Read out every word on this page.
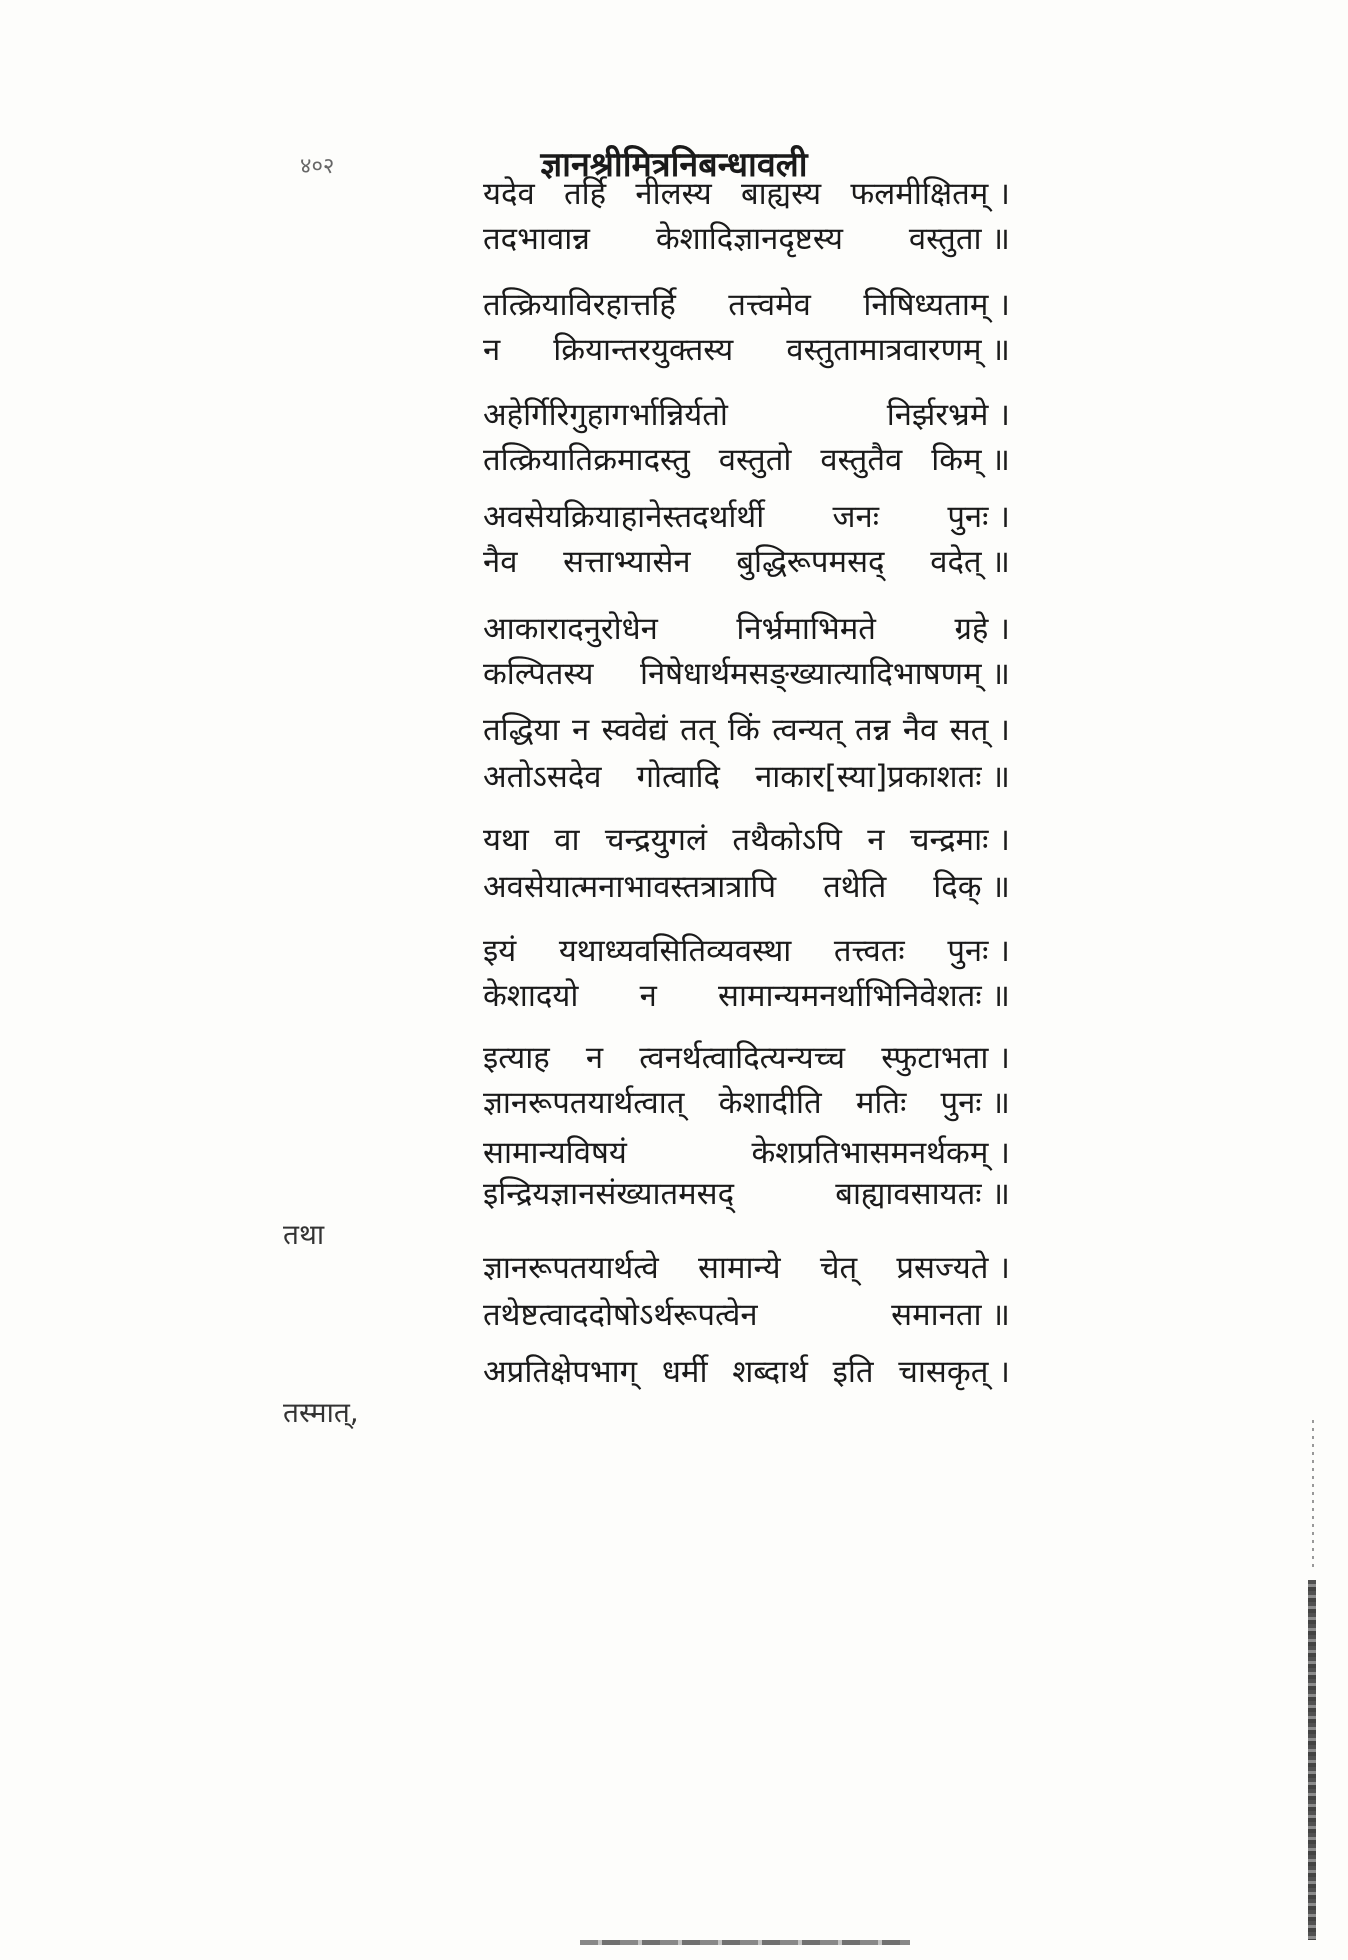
४०२	ज्ञानश्रीमित्रनिबन्धावली
यदेव तर्हि नीलस्य बाह्यस्य फलमीक्षितम् ।
तदभावान्न केशादिज्ञानदृष्टस्य वस्तुता ॥
तत्क्रियाविरहात्तर्हि तत्त्वमेव निषिध्यताम् ।
न क्रियान्तरयुक्तस्य वस्तुतामात्रवारणम् ॥
अहेर्गिरिगुहागर्भान्निर्यतो	निर्झरभ्रमे ।
तत्क्रियातिक्रमादस्तु वस्तुतो वस्तुतैव किम् ॥
अवसेयक्रियाहानेस्तदर्थार्थी जनः पुनः ।
नैव सत्ताभ्यासेन बुद्धिरूपमसद् वदेत् ॥
आकारादनुरोधेन	निर्भ्रमाभिमते	ग्रहे ।
कल्पितस्य निषेधार्थमसङ्ख्यात्यादिभाषणम् ॥
तद्धिया न स्ववेद्यं तत् किं त्वन्यत् तन्न नैव सत् ।
अतोऽसदेव गोत्वादि नाकार[स्या]प्रकाशतः ॥
यथा वा चन्द्रयुगलं तथैकोऽपि न चन्द्रमाः ।
अवसेयात्मनाभावस्तत्रात्रापि तथेति दिक् ॥
इयं यथाध्यवसितिव्यवस्था तत्त्वतः पुनः ।
केशादयो न सामान्यमनर्थाभिनिवेशतः ॥
इत्याह न त्वनर्थत्वादित्यन्यच्च स्फुटाभता ।
ज्ञानरूपतयार्थत्वात् केशादीति मतिः पुनः ॥
सामान्यविषयं	केशप्रतिभासमनर्थकम् ।
इन्द्रियज्ञानसंख्यातमसद्	बाह्यावसायतः ॥
ज्ञानरूपतयार्थत्वे सामान्ये चेत् प्रसज्यते ।
तथेष्टत्वाददोषोऽर्थरूपत्वेन	समानता ॥
अप्रतिक्षेपभाग् धर्मी शब्दार्थ इति चासकृत् ।
तथा
तस्मात्,
